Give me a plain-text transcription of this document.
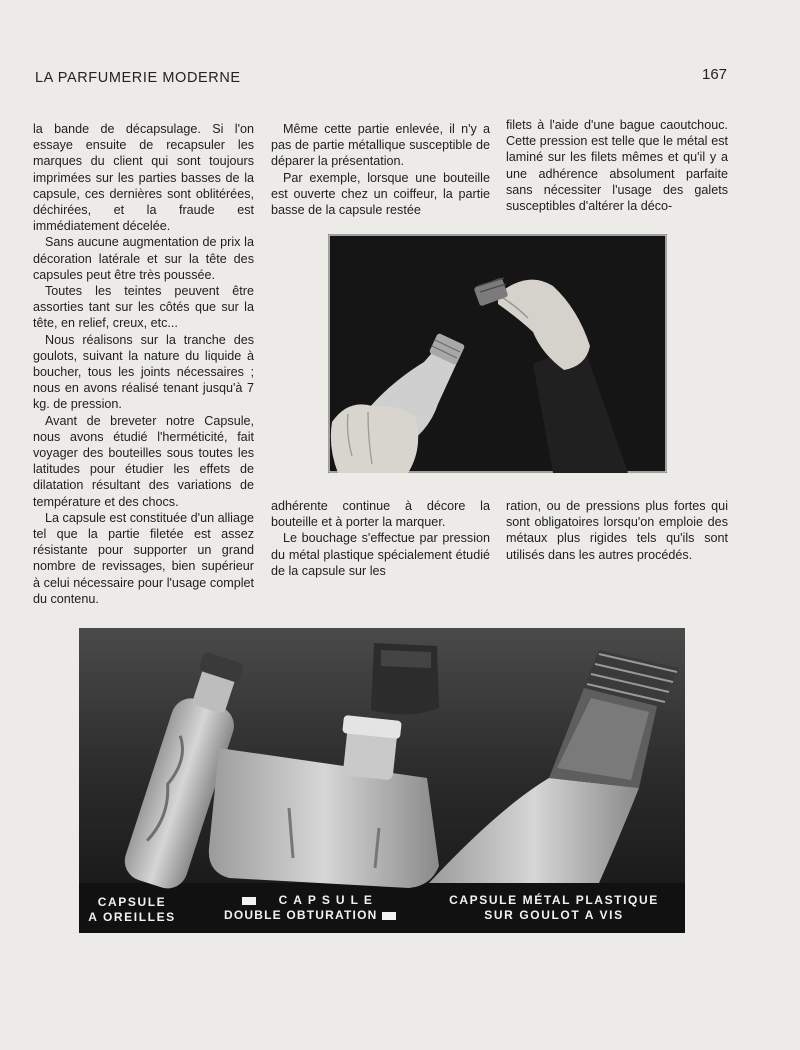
LA PARFUMERIE MODERNE	167

la bande de décapsulage. Si l'on essaye ensuite de recapsuler les marques du client qui sont toujours imprimées sur les parties basses de la capsule, ces dernières sont oblitérées, déchirées, et la fraude est immédiatement décelée.

Sans aucune augmentation de prix la décoration latérale et sur la tête des capsules peut être très poussée.

Toutes les teintes peuvent être assorties tant sur les côtés que sur la tête, en relief, creux, etc...

Nous réalisons sur la tranche des goulots, suivant la nature du liquide à boucher, tous les joints nécessaires ; nous en avons réalisé tenant jusqu'à 7 kg. de pression.

Avant de breveter notre Capsule, nous avons étudié l'herméticité, fait voyager des bouteilles sous toutes les latitudes pour étudier les effets de dilatation résultant des variations de température et des chocs.

La capsule est constituée d'un alliage tel que la partie filetée est assez résistante pour supporter un grand nombre de revissages, bien supérieur à celui nécessaire pour l'usage complet du contenu.

Même cette partie enlevée, il n'y a pas de partie métallique susceptible de déparer la présentation.

Par exemple, lorsque une bouteille est ouverte chez un coiffeur, la partie basse de la capsule restée

filets à l'aide d'une bague caoutchouc. Cette pression est telle que le métal est laminé sur les filets mêmes et qu'il y a une adhérence absolument parfaite sans nécessiter l'usage des galets susceptibles d'altérer la déco-

adhérente continue à décore la bouteille et à porter la marquer.

Le bouchage s'effectue par pression du métal plastique spécialement étudié de la capsule sur les

ration, ou de pressions plus fortes qui sont obligatoires lorsqu'on emploie des métaux plus rigides tels qu'ils sont utilisés dans les autres procédés.

CAPSULE
A OREILLES
CAPSULE
DOUBLE OBTURATION
CAPSULE MÉTAL PLASTIQUE
SUR GOULOT A VIS
